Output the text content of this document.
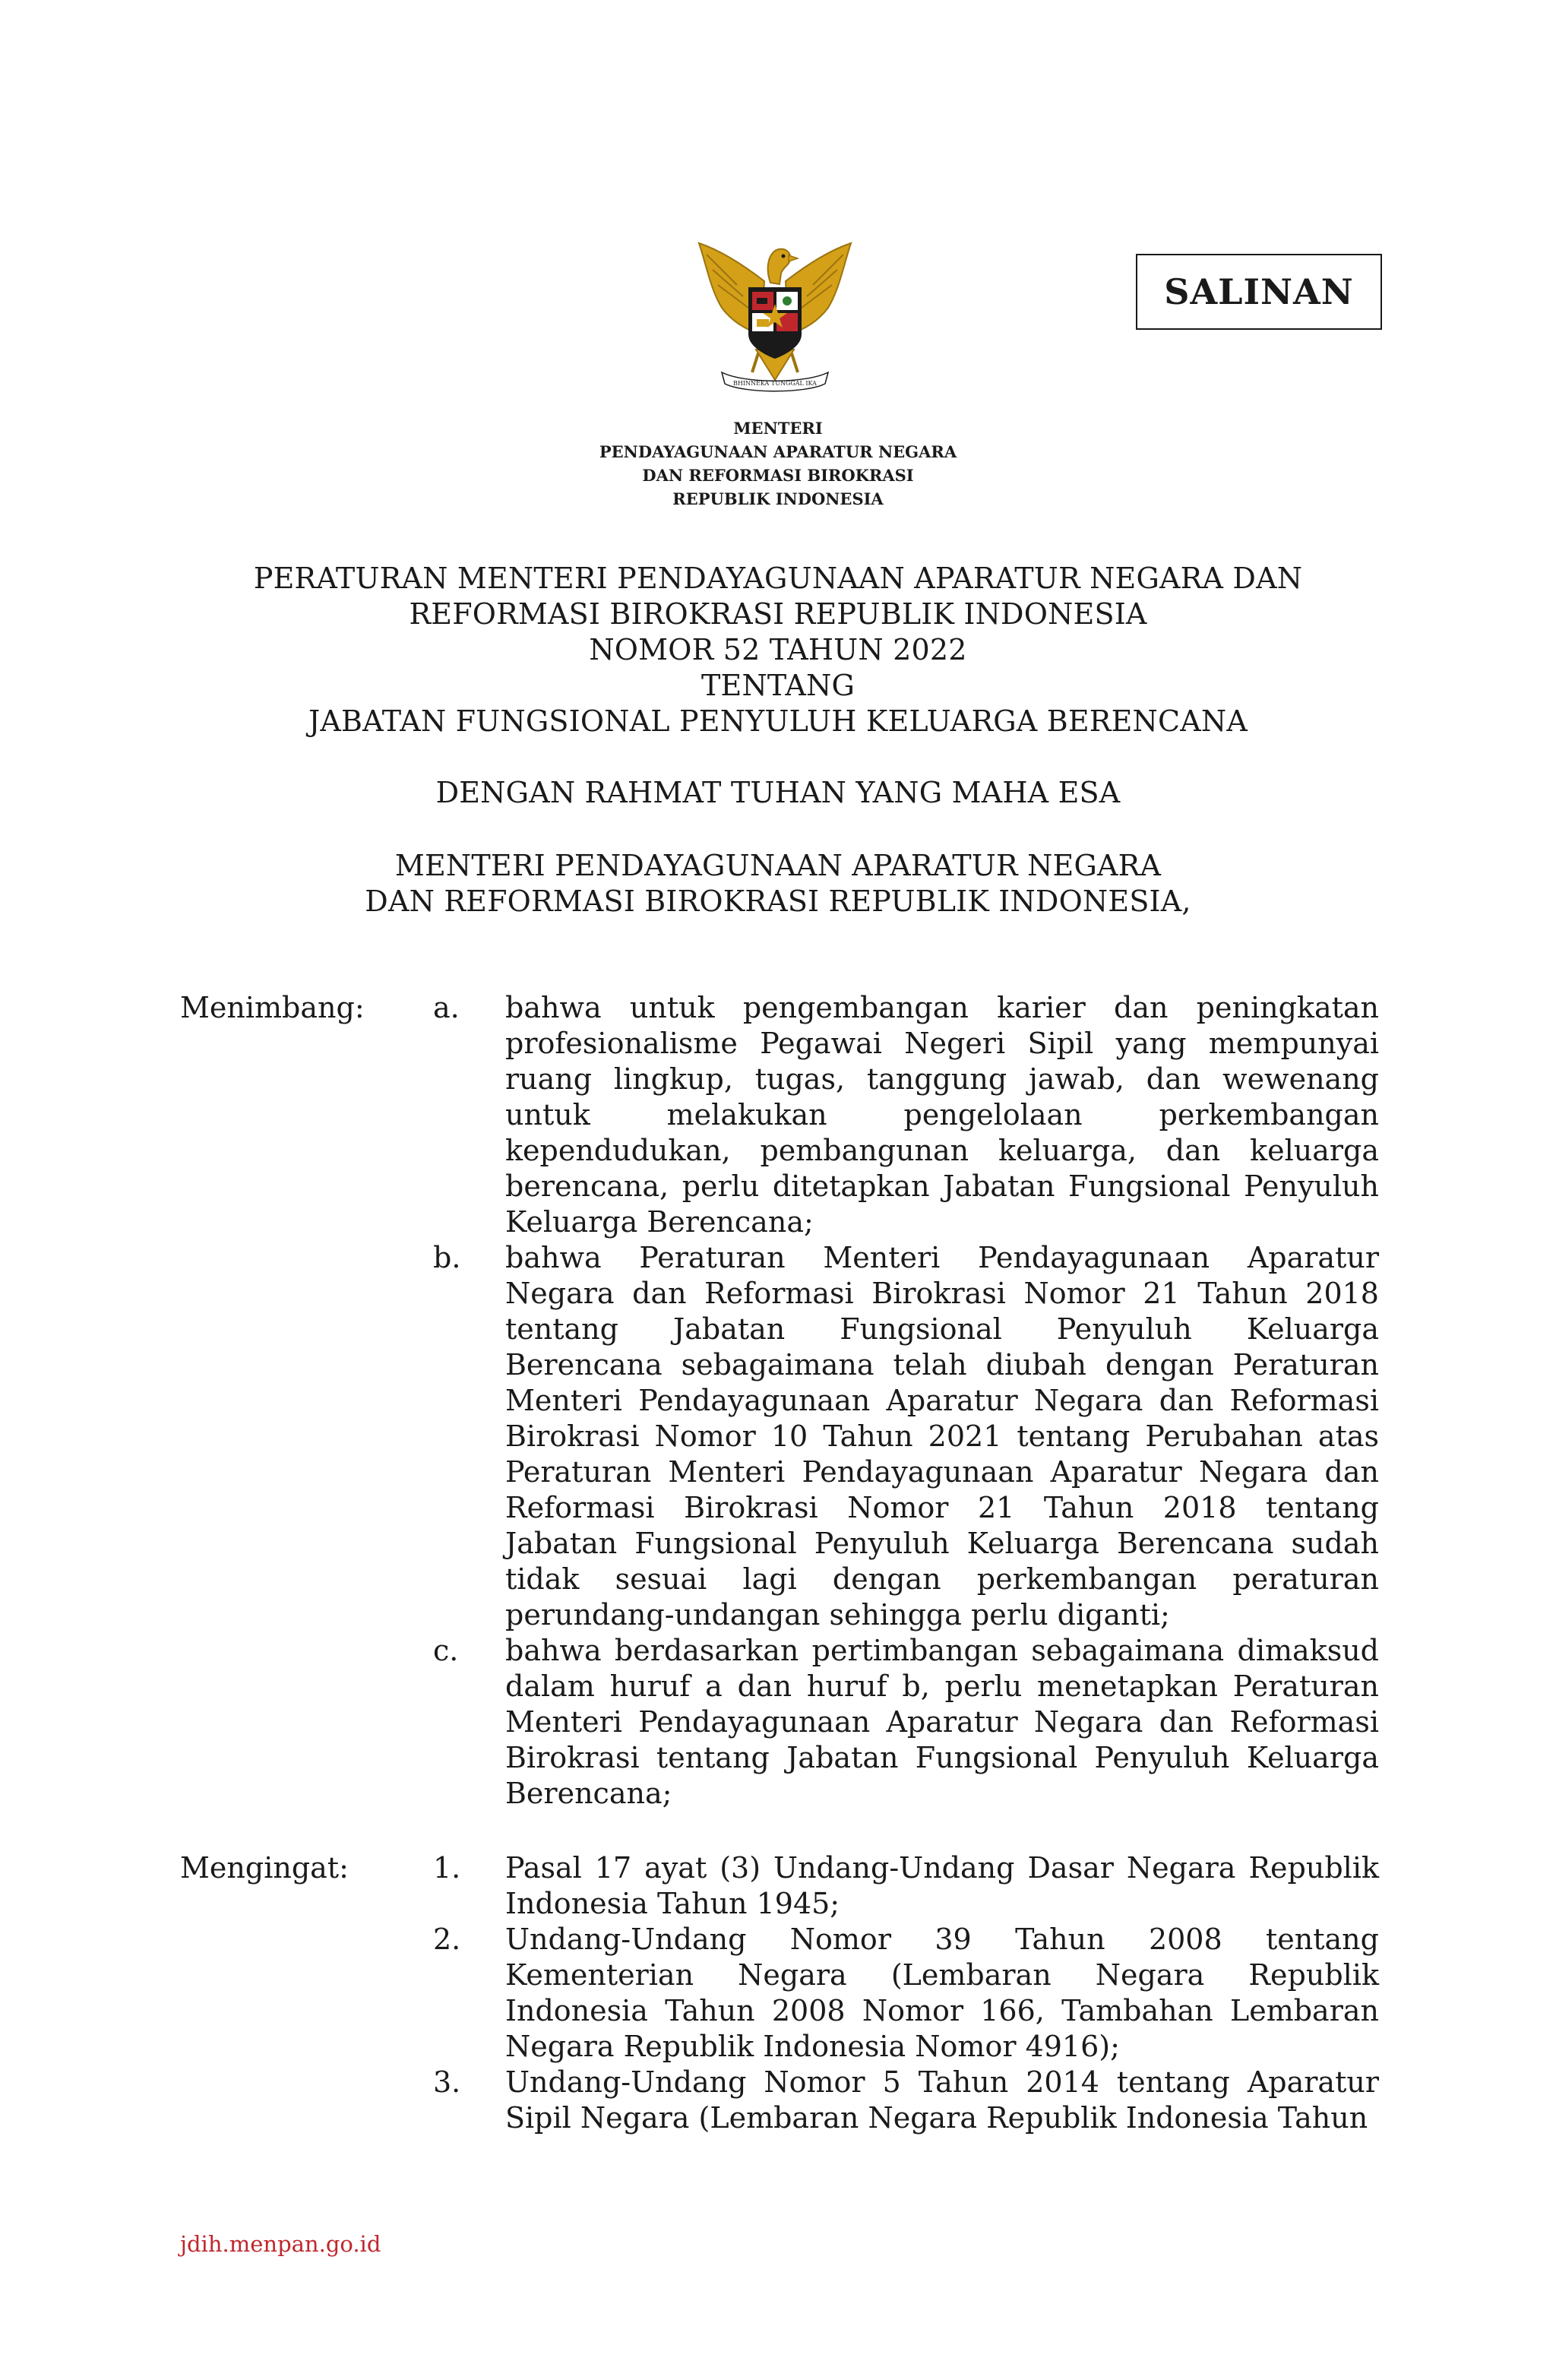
BHINNEKA TUNGGAL IKA
SALINAN
MENTERI
PENDAYAGUNAAN APARATUR NEGARA
DAN REFORMASI BIROKRASI
REPUBLIK INDONESIA
PERATURAN MENTERI PENDAYAGUNAAN APARATUR NEGARA DAN
REFORMASI BIROKRASI REPUBLIK INDONESIA
NOMOR 52 TAHUN 2022
TENTANG
JABATAN FUNGSIONAL PENYULUH KELUARGA BERENCANA
DENGAN RAHMAT TUHAN YANG MAHA ESA
MENTERI PENDAYAGUNAAN APARATUR NEGARA
DAN REFORMASI BIROKRASI REPUBLIK INDONESIA,
Menimbang: a. bahwa untuk pengembangan karier dan peningkatan
profesionalisme Pegawai Negeri Sipil yang mempunyai
ruang lingkup, tugas, tanggung jawab, dan wewenang
untuk melakukan pengelolaan perkembangan
kependudukan, pembangunan keluarga, dan keluarga
berencana, perlu ditetapkan Jabatan Fungsional Penyuluh
Keluarga Berencana;
b. bahwa Peraturan Menteri Pendayagunaan Aparatur
Negara dan Reformasi Birokrasi Nomor 21 Tahun 2018
tentang Jabatan Fungsional Penyuluh Keluarga
Berencana sebagaimana telah diubah dengan Peraturan
Menteri Pendayagunaan Aparatur Negara dan Reformasi
Birokrasi Nomor 10 Tahun 2021 tentang Perubahan atas
Peraturan Menteri Pendayagunaan Aparatur Negara dan
Reformasi Birokrasi Nomor 21 Tahun 2018 tentang
Jabatan Fungsional Penyuluh Keluarga Berencana sudah
tidak sesuai lagi dengan perkembangan peraturan
perundang-undangan sehingga perlu diganti;
c. bahwa berdasarkan pertimbangan sebagaimana dimaksud
dalam huruf a dan huruf b, perlu menetapkan Peraturan
Menteri Pendayagunaan Aparatur Negara dan Reformasi
Birokrasi tentang Jabatan Fungsional Penyuluh Keluarga
Berencana;
Mengingat:	1. Pasal 17 ayat (3) Undang-Undang Dasar Negara Republik
Indonesia Tahun 1945;
2. Undang-Undang Nomor 39 Tahun 2008 tentang
Kementerian Negara (Lembaran Negara Republik
Indonesia Tahun 2008 Nomor 166, Tambahan Lembaran
Negara Republik Indonesia Nomor 4916);
3. Undang-Undang Nomor 5 Tahun 2014 tentang Aparatur
Sipil Negara (Lembaran Negara Republik Indonesia Tahun
jdih.menpan.go.id
